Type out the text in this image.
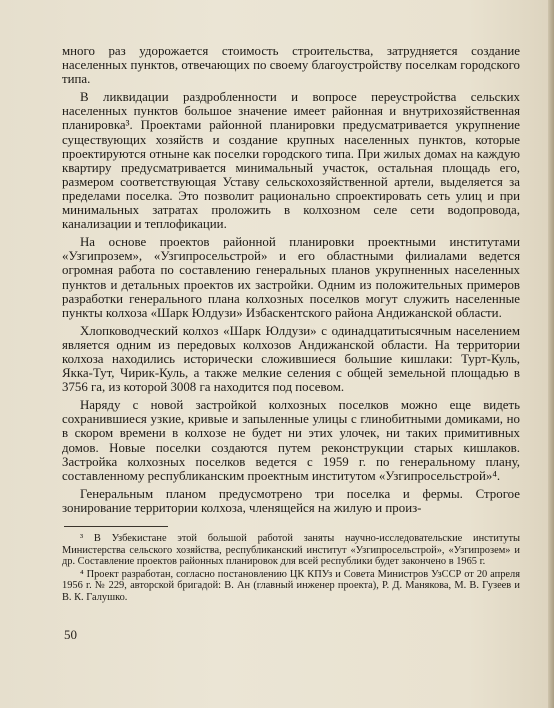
много раз удорожается стоимость строительства, затрудняется создание населенных пунктов, отвечающих по своему благоустройству поселкам городского типа.

В ликвидации раздробленности и вопросе переустройства сельских населенных пунктов большое значение имеет районная и внутрихозяйственная планировка³. Проектами районной планировки предусматривается укрупнение существующих хозяйств и создание крупных населенных пунктов, которые проектируются отныне как поселки городского типа. При жилых домах на каждую квартиру предусматривается минимальный участок, остальная площадь его, размером соответствующая Уставу сельскохозяйственной артели, выделяется за пределами поселка. Это позволит рационально спроектировать сеть улиц и при минимальных затратах проложить в колхозном селе сети водопровода, канализации и теплофикации.

На основе проектов районной планировки проектными институтами «Узгипрозем», «Узгипросельстрой» и его областными филиалами ведется огромная работа по составлению генеральных планов укрупненных населенных пунктов и детальных проектов их застройки. Одним из положительных примеров разработки генерального плана колхозных поселков могут служить населенные пункты колхоза «Шарк Юлдузи» Избаскентского района Андижанской области.

Хлопководческий колхоз «Шарк Юлдузи» с одинадцатитысячным населением является одним из передовых колхозов Андижанской области. На территории колхоза находились исторически сложившиеся большие кишлаки: Турт-Куль, Якка-Тут, Чирик-Куль, а также мелкие селения с общей земельной площадью в 3756 га, из которой 3008 га находится под посевом.

Наряду с новой застройкой колхозных поселков можно еще видеть сохранившиеся узкие, кривые и запыленные улицы с глинобитными домиками, но в скором времени в колхозе не будет ни этих улочек, ни таких примитивных домов. Новые поселки создаются путем реконструкции старых кишлаков. Застройка колхозных поселков ведется с 1959 г. по генеральному плану, составленному республиканским проектным институтом «Узгипросельстрой»⁴.

Генеральным планом предусмотрено три поселка и фермы. Строгое зонирование территории колхоза, членящейся на жилую и произ-

³ В Узбекистане этой большой работой заняты научно-исследовательские институты Министерства сельского хозяйства, республиканский институт «Узгипросельстрой», «Узгипрозем» и др. Составление проектов районных планировок для всей республики будет закончено в 1965 г.

⁴ Проект разработан, согласно постановлению ЦК КПУз и Совета Министров УзССР от 20 апреля 1956 г. № 229, авторской бригадой: В. Ан (главный инженер проекта), Р. Д. Манякова, М. В. Гузеев и В. К. Галушко.

50
